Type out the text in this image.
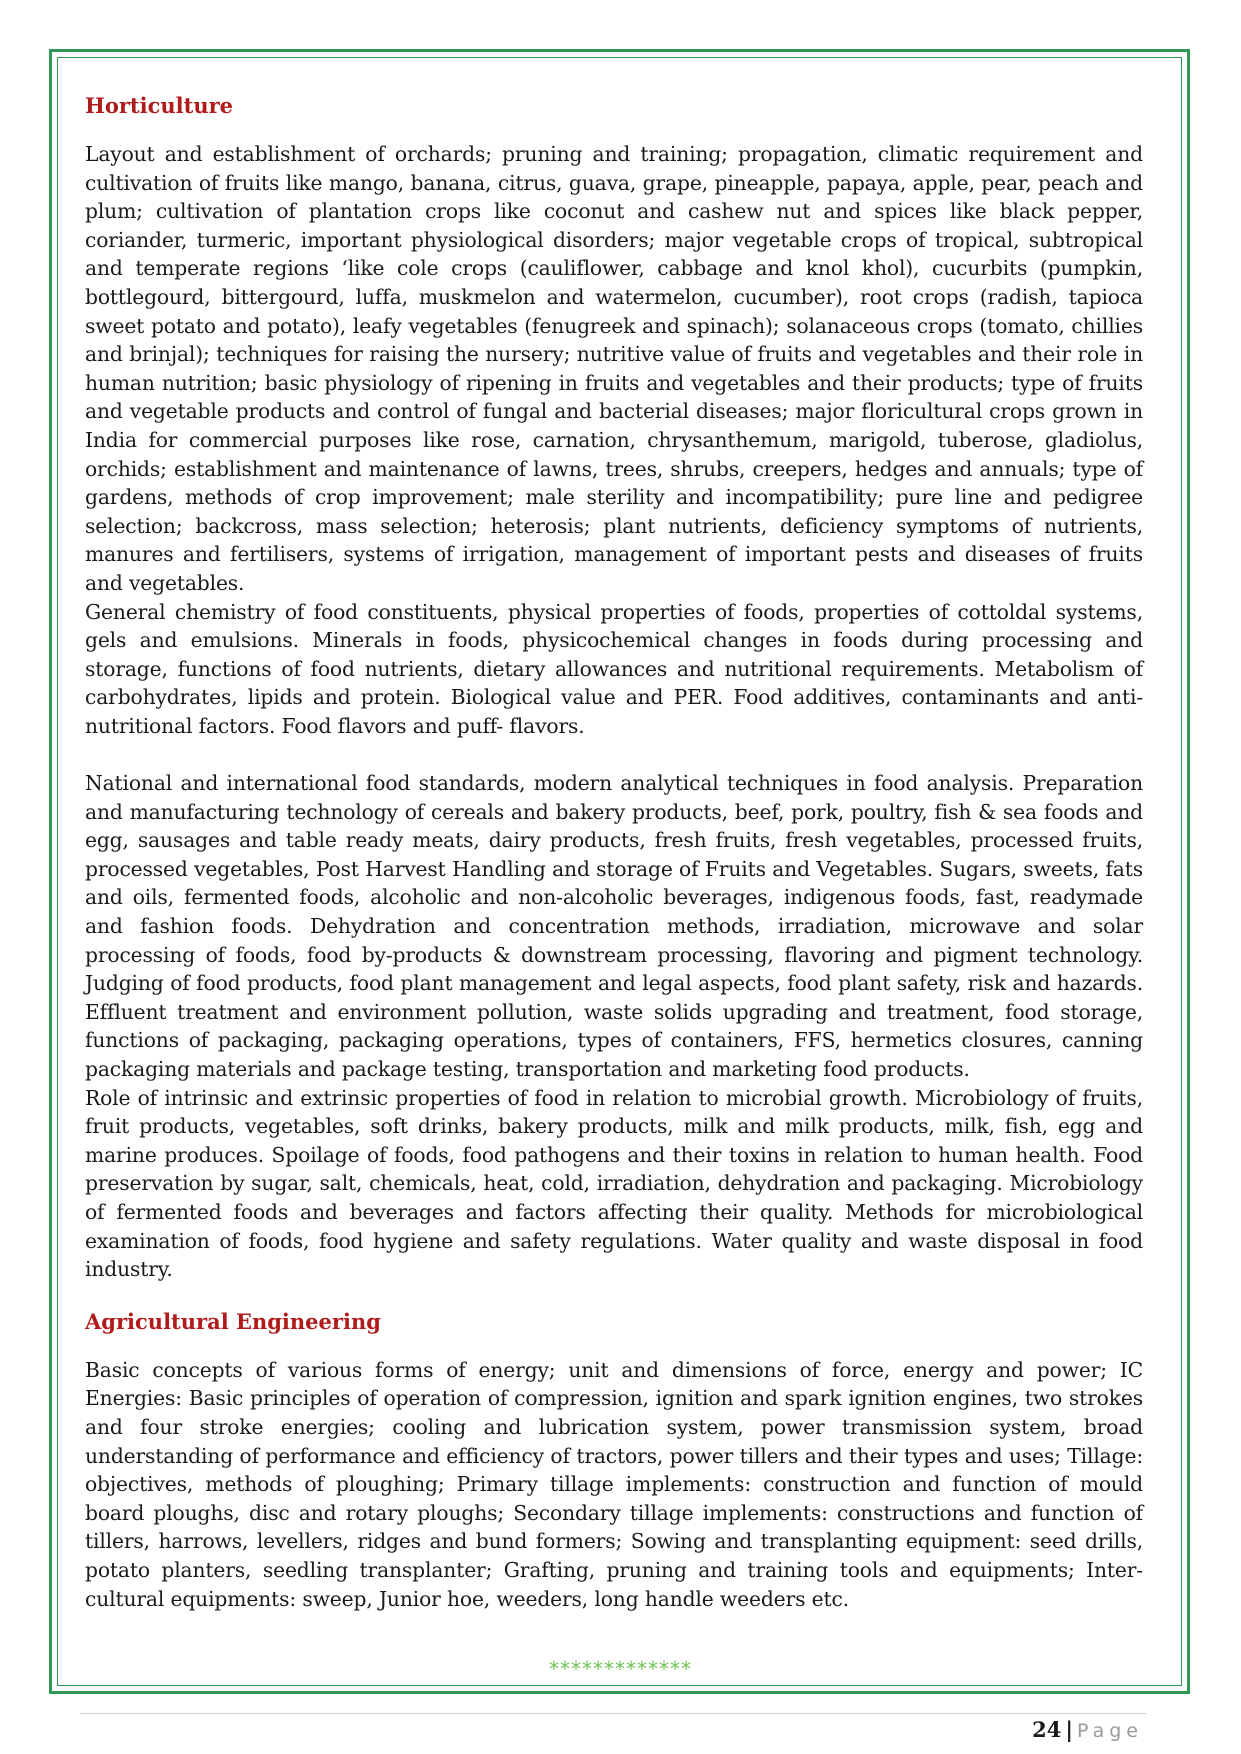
Horticulture

Layout and establishment of orchards; pruning and training; propagation, climatic requirement and cultivation of fruits like mango, banana, citrus, guava, grape, pineapple, papaya, apple, pear, peach and plum; cultivation of plantation crops like coconut and cashew nut and spices like black pepper, coriander, turmeric, important physiological disorders; major vegetable crops of tropical, subtropical and temperate regions ‘like cole crops (cauliflower, cabbage and knol khol), cucurbits (pumpkin, bottlegourd, bittergourd, luffa, muskmelon and watermelon, cucumber), root crops (radish, tapioca sweet potato and potato), leafy vegetables (fenugreek and spinach); solanaceous crops (tomato, chillies and brinjal); techniques for raising the nursery; nutritive value of fruits and vegetables and their role in human nutrition; basic physiology of ripening in fruits and vegetables and their products; type of fruits and vegetable products and control of fungal and bacterial diseases; major floricultural crops grown in India for commercial purposes like rose, carnation, chrysanthemum, marigold, tuberose, gladiolus, orchids; establishment and maintenance of lawns, trees, shrubs, creepers, hedges and annuals; type of gardens, methods of crop improvement; male sterility and incompatibility; pure line and pedigree selection; backcross, mass selection; heterosis; plant nutrients, deficiency symptoms of nutrients, manures and fertilisers, systems of irrigation, management of important pests and diseases of fruits and vegetables.

General chemistry of food constituents, physical properties of foods, properties of cottoldal systems, gels and emulsions. Minerals in foods, physicochemical changes in foods during processing and storage, functions of food nutrients, dietary allowances and nutritional requirements. Metabolism of carbohydrates, lipids and protein. Biological value and PER. Food additives, contaminants and anti-nutritional factors. Food flavors and puff- flavors.

National and international food standards, modern analytical techniques in food analysis. Preparation and manufacturing technology of cereals and bakery products, beef, pork, poultry, fish & sea foods and egg, sausages and table ready meats, dairy products, fresh fruits, fresh vegetables, processed fruits, processed vegetables, Post Harvest Handling and storage of Fruits and Vegetables. Sugars, sweets, fats and oils, fermented foods, alcoholic and non-alcoholic beverages, indigenous foods, fast, readymade and fashion foods. Dehydration and concentration methods, irradiation, microwave and solar processing of foods, food by-products & downstream processing, flavoring and pigment technology. Judging of food products, food plant management and legal aspects, food plant safety, risk and hazards. Effluent treatment and environment pollution, waste solids upgrading and treatment, food storage, functions of packaging, packaging operations, types of containers, FFS, hermetics closures, canning packaging materials and package testing, transportation and marketing food products.

Role of intrinsic and extrinsic properties of food in relation to microbial growth. Microbiology of fruits, fruit products, vegetables, soft drinks, bakery products, milk and milk products, milk, fish, egg and marine produces. Spoilage of foods, food pathogens and their toxins in relation to human health. Food preservation by sugar, salt, chemicals, heat, cold, irradiation, dehydration and packaging. Microbiology of fermented foods and beverages and factors affecting their quality. Methods for microbiological examination of foods, food hygiene and safety regulations. Water quality and waste disposal in food industry.

Agricultural Engineering

Basic concepts of various forms of energy; unit and dimensions of force, energy and power; IC Energies: Basic principles of operation of compression, ignition and spark ignition engines, two strokes and four stroke energies; cooling and lubrication system, power transmission system, broad understanding of performance and efficiency of tractors, power tillers and their types and uses; Tillage: objectives, methods of ploughing; Primary tillage implements: construction and function of mould board ploughs, disc and rotary ploughs; Secondary tillage implements: constructions and function of tillers, harrows, levellers, ridges and bund formers; Sowing and transplanting equipment: seed drills, potato planters, seedling transplanter; Grafting, pruning and training tools and equipments; Inter-cultural equipments: sweep, Junior hoe, weeders, long handle weeders etc.

*************
24 | Page
